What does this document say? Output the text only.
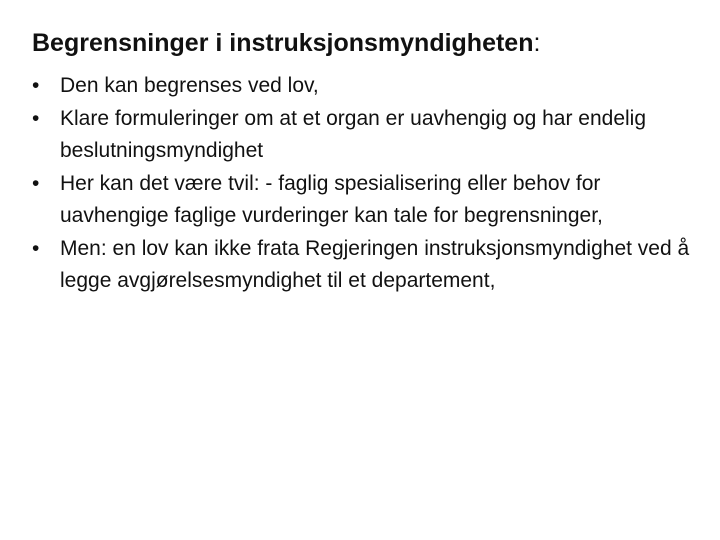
Begrensninger i instruksjonsmyndigheten:
• Den kan begrenses ved lov,
• Klare formuleringer om at et organ er uavhengig og har endelig beslutningsmyndighet
• Her kan det være tvil: - faglig spesialisering eller behov for uavhengige faglige vurderinger kan tale for begrensninger,
• Men: en lov kan ikke frata Regjeringen instruksjonsmyndighet ved å legge avgjørelsesmyndighet til et departement,
